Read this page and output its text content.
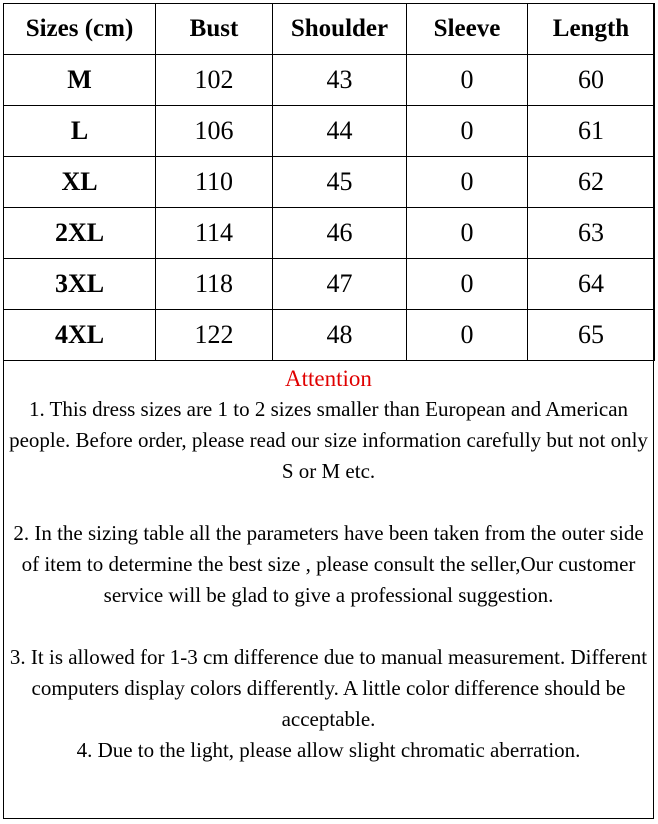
Sizes (cm)	Bust	Shoulder	Sleeve	Length
M	102	43	0	60
L	106	44	0	61
XL	110	45	0	62
2XL	114	46	0	63
3XL	118	47	0	64
4XL	122	48	0	65
Attention

1. This dress sizes are 1 to 2 sizes smaller than European and American people. Before order, please read our size information carefully but not only S or M etc.

2. In the sizing table all the parameters have been taken from the outer side of item to determine the best size , please consult the seller,Our customer service will be glad to give a professional suggestion.

3. It is allowed for 1-3 cm difference due to manual measurement. Different computers display colors differently. A little color difference should be acceptable.

4. Due to the light, please allow slight chromatic aberration.
